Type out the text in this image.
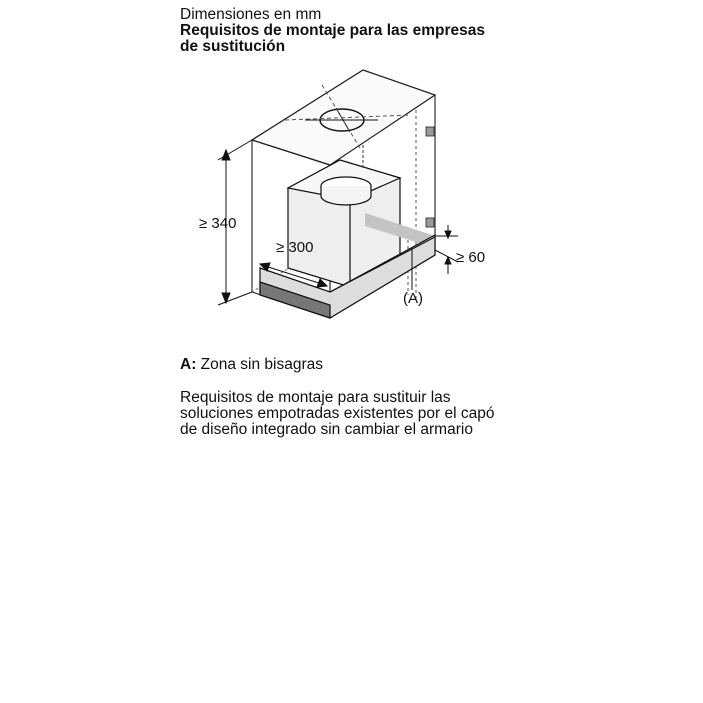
Dimensiones en mm
Requisitos de montaje para las empresas
de sustitución
≥ 340
≥ 300
≥ 60
(A)
A: Zona sin bisagras
Requisitos de montaje para sustituir las
soluciones empotradas existentes por el capó
de diseño integrado sin cambiar el armario
